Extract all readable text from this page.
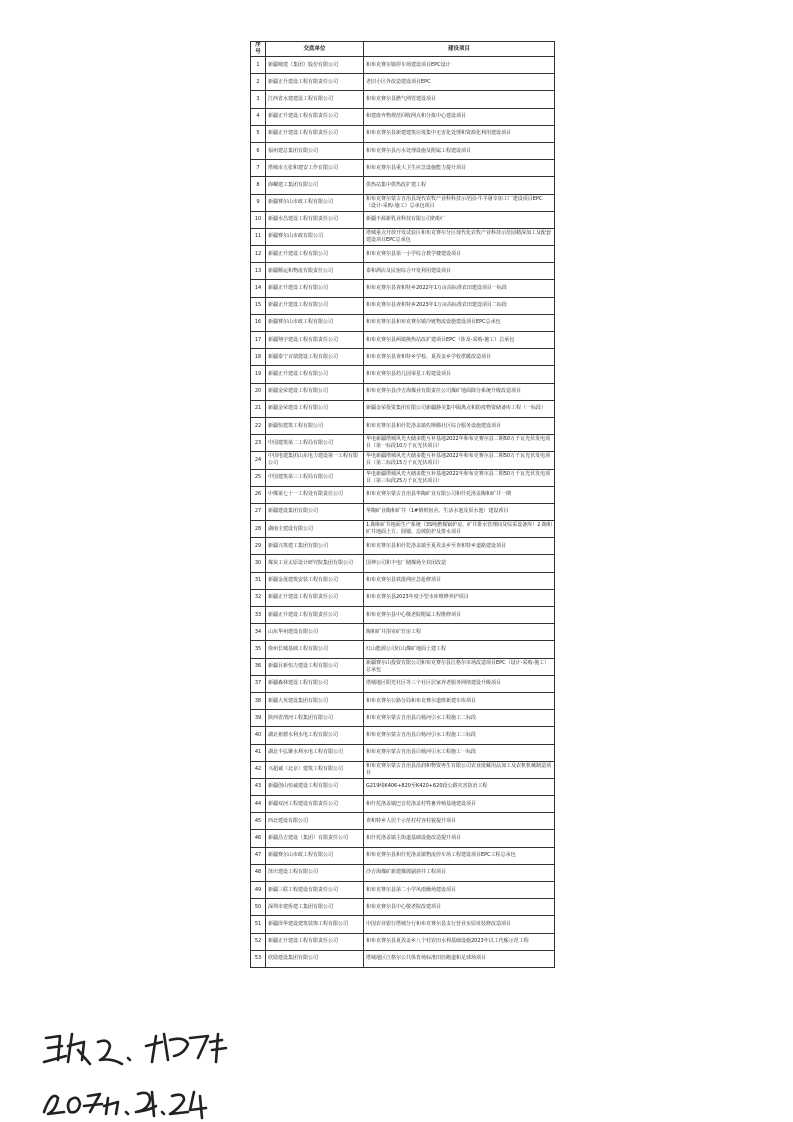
序号	交底单位	建设项目
1	新疆城建（集团）股份有限公司	和布克赛尔镇停车场建设项目EPC设计
2	新疆正升建设工程有限责任公司	老旧小区外改造建设项目EPC
3	江西省水建建设工程有限公司	和布克赛尔县燃气网管建设项目
4	新疆正升建设工程有限责任公司	和建废弃物规范回收网点和分拣中心建设项目
5	新疆正升建设工程有限责任公司	和布克赛尔县新建建筑垃圾集中无害化处理和资源化利用建设项目
6	福州建总集团有限公司	和布克赛尔县污水处理设施及附属工程建设项目
7	塔城市五张和建安工作有限公司	和布克赛尔县重大卫生应急设施能力提升项目
8	海螺建工集团有限公司	供热站集中供热改扩建工程
9	新疆赛尔山市政工程有限公司	和布克赛尔蒙古自治县现代农牧产业科科技示范园-牛羊屠宰加工厂建设项目EPC（设计-采购-施工）总承包项目
10	新疆水昌建设工程有限责任公司	新疆丰源新乳业科技有限公司奶粉厂
11	新疆赛尔山市政有限公司	塔城重点开放开发试验区和布克赛尔分区现代化农牧产业科技示范园精深加工及配套建设项目EPC总承包
12	新疆正升建设工程有限公司	和布克赛尔县第一小学综合教学楼建设项目
13	新疆顺运和物流有限责任公司	泰和酒店及民宿综合开发利用建设项目
14	新疆正升建设工程有限公司	和布克赛尔县查和特乡2022年1万亩高标准农田建设项目一标段
15	新疆正升建设工程有限公司	和布克赛尔县查和特乡2023年1万亩高标准农田建设项目二标段
16	新疆赛尔山市政工程有限公司	和布克赛尔县和布克赛尔镇冷链物流设施建设项目EPC总承包
17	新疆翔宇建设工程有限责任公司	和布克赛尔县两镇换热站改扩建项目EPC（涉及-采购-施工）总承包
18	新疆泰宁百瑞建设工程有限公司	和布克赛尔县查和特乡学校、夏孜盖乡学校供暖改造项目
19	新疆正升建设工程有限公司	和布克赛尔县幼儿园零星工程建设项目
20	新疆金荣建设工程有限公司	和布克赛尔县沙吉海煤业有限责任公司煤矿地面降分系统升级改造项目
21	新疆金荣建设工程有限公司	新疆金荣投资集团有限公司新疆静美集中隔离点和防疫物资储备库工程（一标段）
22	新疆恒建筑工程有限公司	和布克赛尔县和什托洛盖镇佐斯腾社区综合服务设施建设项目
23	中国建筑第二工程局有限公司	华电新疆塔城风光火储多能互补基地2022年和布克赛尔县二期50万千瓦光伏发电项目（第一标段10万千瓦光伏项目）
24	中国电建集团山东电力建设第一工程有限公司	华电新疆塔城风光火储多能互补基地2022年和布克赛尔县二期50万千瓦光伏发电项目（第二标段15万千瓦光伏项目）
25	中国建筑第三工程局有限公司	华电新疆塔城风光火储多能互补基地2022年和布克赛尔县二期50万千瓦光伏发电项目（第三标段25万千瓦光伏项目）
26	中煤第七十一工程处有限责任公司	和布克赛尔蒙古自治县华陶矿业有限公司和什托洛盖陶和矿井一期
27	新疆建设集团有限公司	华陶矿业陶和矿井（1#倒班宿舍、生活水池及原水池）建设项目
28	湖南圭建设有限公司	1.陶和矿井地面生产系统（3S吨燃煤锅炉房、矿井排水管理间及综采设备库）2.陶和矿井地面土方、圆墙、边坡防护及排水项目
29	新疆兴筑建工集团有限公司	和布克赛尔县和什托洛盖镇至夏孜盖乡至查和特乡道路建设项目
30	煤炭工业太原设计研究院集团有限公司	国神公司和丰电厂储煤场全封闭改造
31	新疆金晟建筑安装工程有限公司	和布克赛尔县铁批网应急抢修项目
32	新疆正升建设工程有限责任公司	和布克赛尔县2023年度小型水库维修养护项目
33	新疆正升建设工程有限责任公司	和布克赛尔县中心敬老院附属工程维修项目
34	山东华州建设有限公司	陶和矿井浴室矿灯房工程
35	徐州长城基础工程有限公司	红山能源公司红山煤矿地面土建工程
36	新疆目新恒力建设工程有限公司	新疆赛尔山投资有限公司和布克赛尔县江格尔市场改造项目EPC（设计-采购-施工）总承包
37	新疆森林建设工程有限公司	塔城地区阳光社区等三个社区居家养老服务网络建设升级项目
38	新疆大英建设集团有限公司	和布克赛尔公路分局和布克赛尔道班新建车库项目
39	陕西省渭河工程集团有限公司	和布克赛尔蒙古自治县白杨河引水工程施工二标段
40	湖北祖德水利水电工程有限公司	和布克赛尔蒙古自治县白杨河引水工程施工三标段
41	湖北丰弘聚水利水电工程有限公司	和布克赛尔蒙古自治县白杨河引水工程施工一标段
42	兴超诚（北京）建筑工程有限公司	和布克赛尔蒙古自治县沿润和物资再生有限公司农业废藏用品加工及农机机械制造项目
43	新疆创山恒诚建设工程有限公司	G219线K406+820至K420+620段公路灾害防治工程
44	新疆双河工程建设有限责任公司	和什托洛盖镇巴音托洛盖村牲畜养殖基地建设项目
45	西北建设有限公司	查和特乡人居个示范村村容村貌提升项目
46	新疆昌吉建设（集团）有限责任公司	和什托洛盖镇主街道基础设施改造提升项目
47	新疆赛尔山市政工程有限公司	和布克赛尔县和什托洛盖镇物流停车场工程建设项目EPC工程总承包
48	泽庆建设工程有限公司	沙吉海煤矿新建煤坡副斜井工程项目
49	新疆三联工程建设有限责任公司	和布克赛尔县第二小学风雨操场建设项目
50	深圳市建侨建工集团有限公司	和布克赛尔县中心敬老院改建项目
51	新疆泽华建设建筑装饰工程有限公司	中国农业银行塔城分行和布克赛尔县支行营业室原址装修改造项目
52	新疆正升建设工程有限责任公司	和布克赛尔县夏孜盖乡八个村农田水利基础设施2023年以工代赈示范工程
53	欣励建设集团有限公司	塔城地区江格尔公共体育场标准田径跑道和足球场项目
